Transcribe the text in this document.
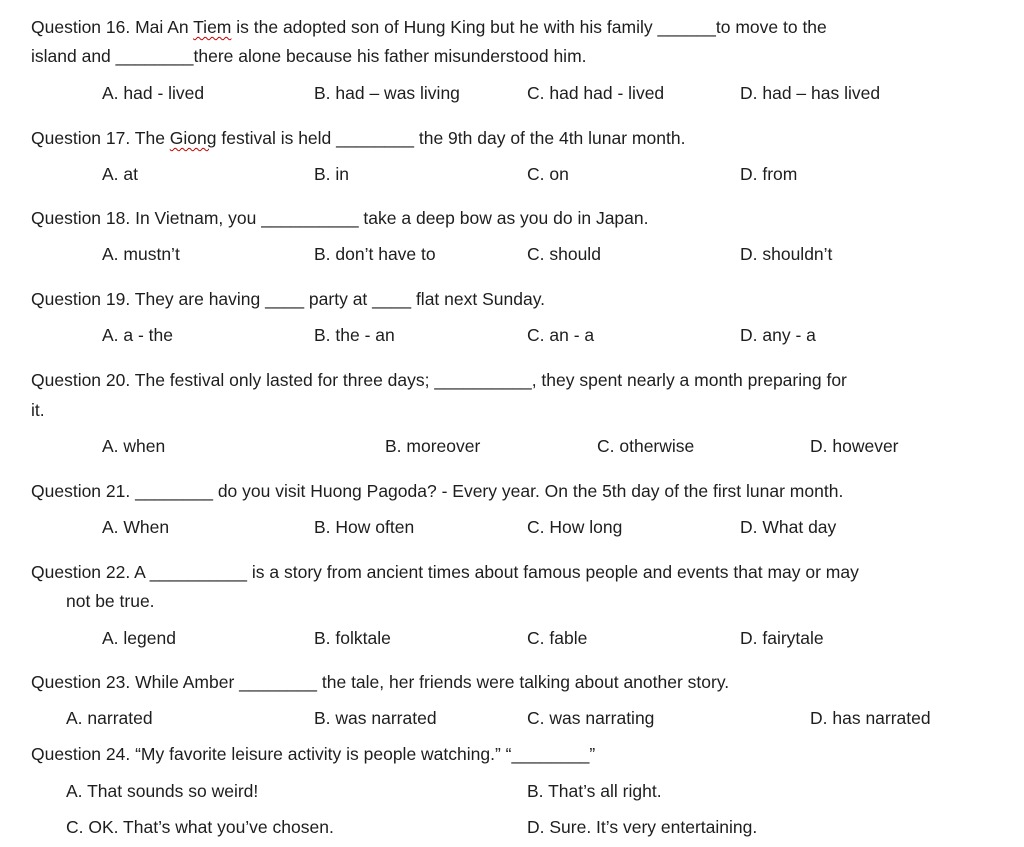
Question 16. Mai An Tiem is the adopted son of Hung King but he with his family ______to move to the
island and ________there alone because his father misunderstood him.
A. had - lived	B. had – was living	C. had had - lived	D. had – has lived
Question 17. The Giong festival is held ________ the 9th day of the 4th lunar month.
A. at	B. in	C. on	D. from
Question 18. In Vietnam, you __________ take a deep bow as you do in Japan.
A. mustn’t	B. don’t have to	C. should	D. shouldn’t
Question 19. They are having ____ party at ____ flat next Sunday.
A. a - the	B. the - an	C. an - a	D. any - a
Question 20. The festival only lasted for three days; __________, they spent nearly a month preparing for
it.
A. when	B. moreover	C. otherwise	D. however
Question 21. ________ do you visit Huong Pagoda? - Every year. On the 5th day of the first lunar month.
A. When	B. How often	C. How long	D. What day
Question 22. A __________ is a story from ancient times about famous people and events that may or may
not be true.
A. legend	B. folktale	C. fable	D. fairytale
Question 23. While Amber ________ the tale, her friends were talking about another story.
A. narrated	B. was narrated	C. was narrating	D. has narrated
Question 24. “My favorite leisure activity is people watching.” “________”
A. That sounds so weird!	B. That’s all right.
C. OK. That’s what you’ve chosen.	D. Sure. It’s very entertaining.
